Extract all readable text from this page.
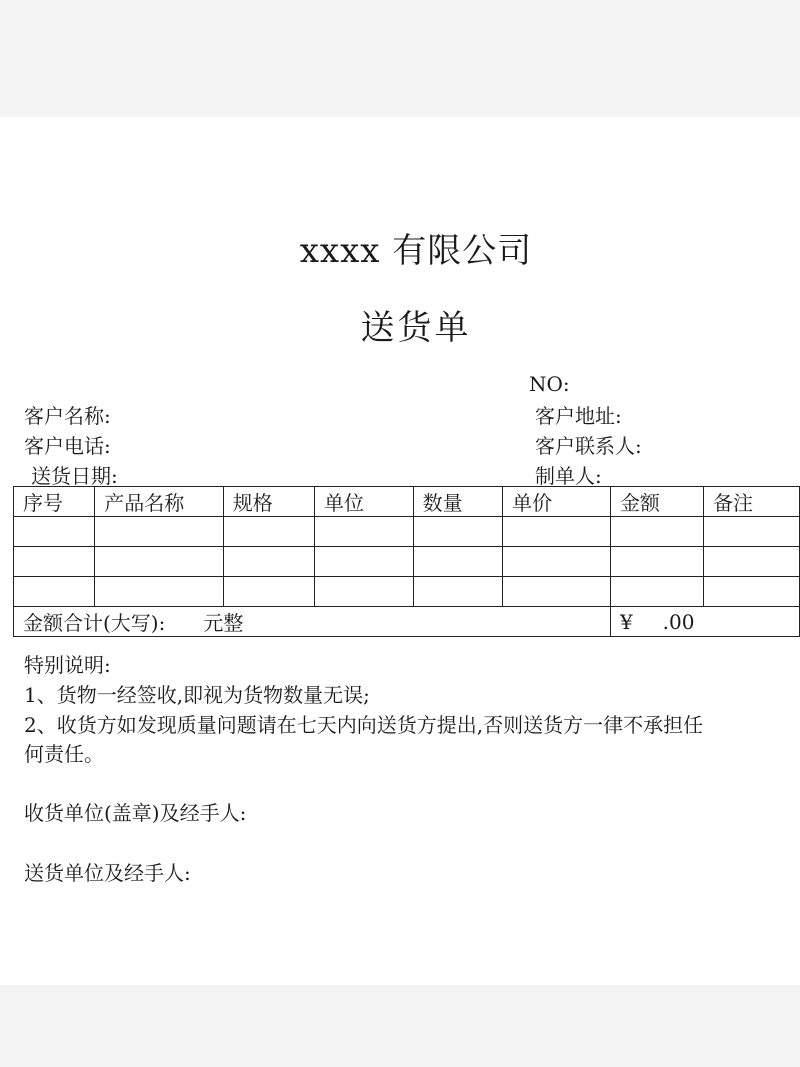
xxxx 有限公司
送货单
NO:
客户名称:	客户地址:
客户电话:	客户联系人:
送货日期:	制单人:
序号	产品名称	规格	单位	数量	单价	金额	备注

金额合计(大写): 元整						¥ .00	
特别说明:
1、货物一经签收,即视为货物数量无误;
2、收货方如发现质量问题请在七天内向送货方提出,否则送货方一律不承担任
何责任。
收货单位(盖章)及经手人:
送货单位及经手人:
